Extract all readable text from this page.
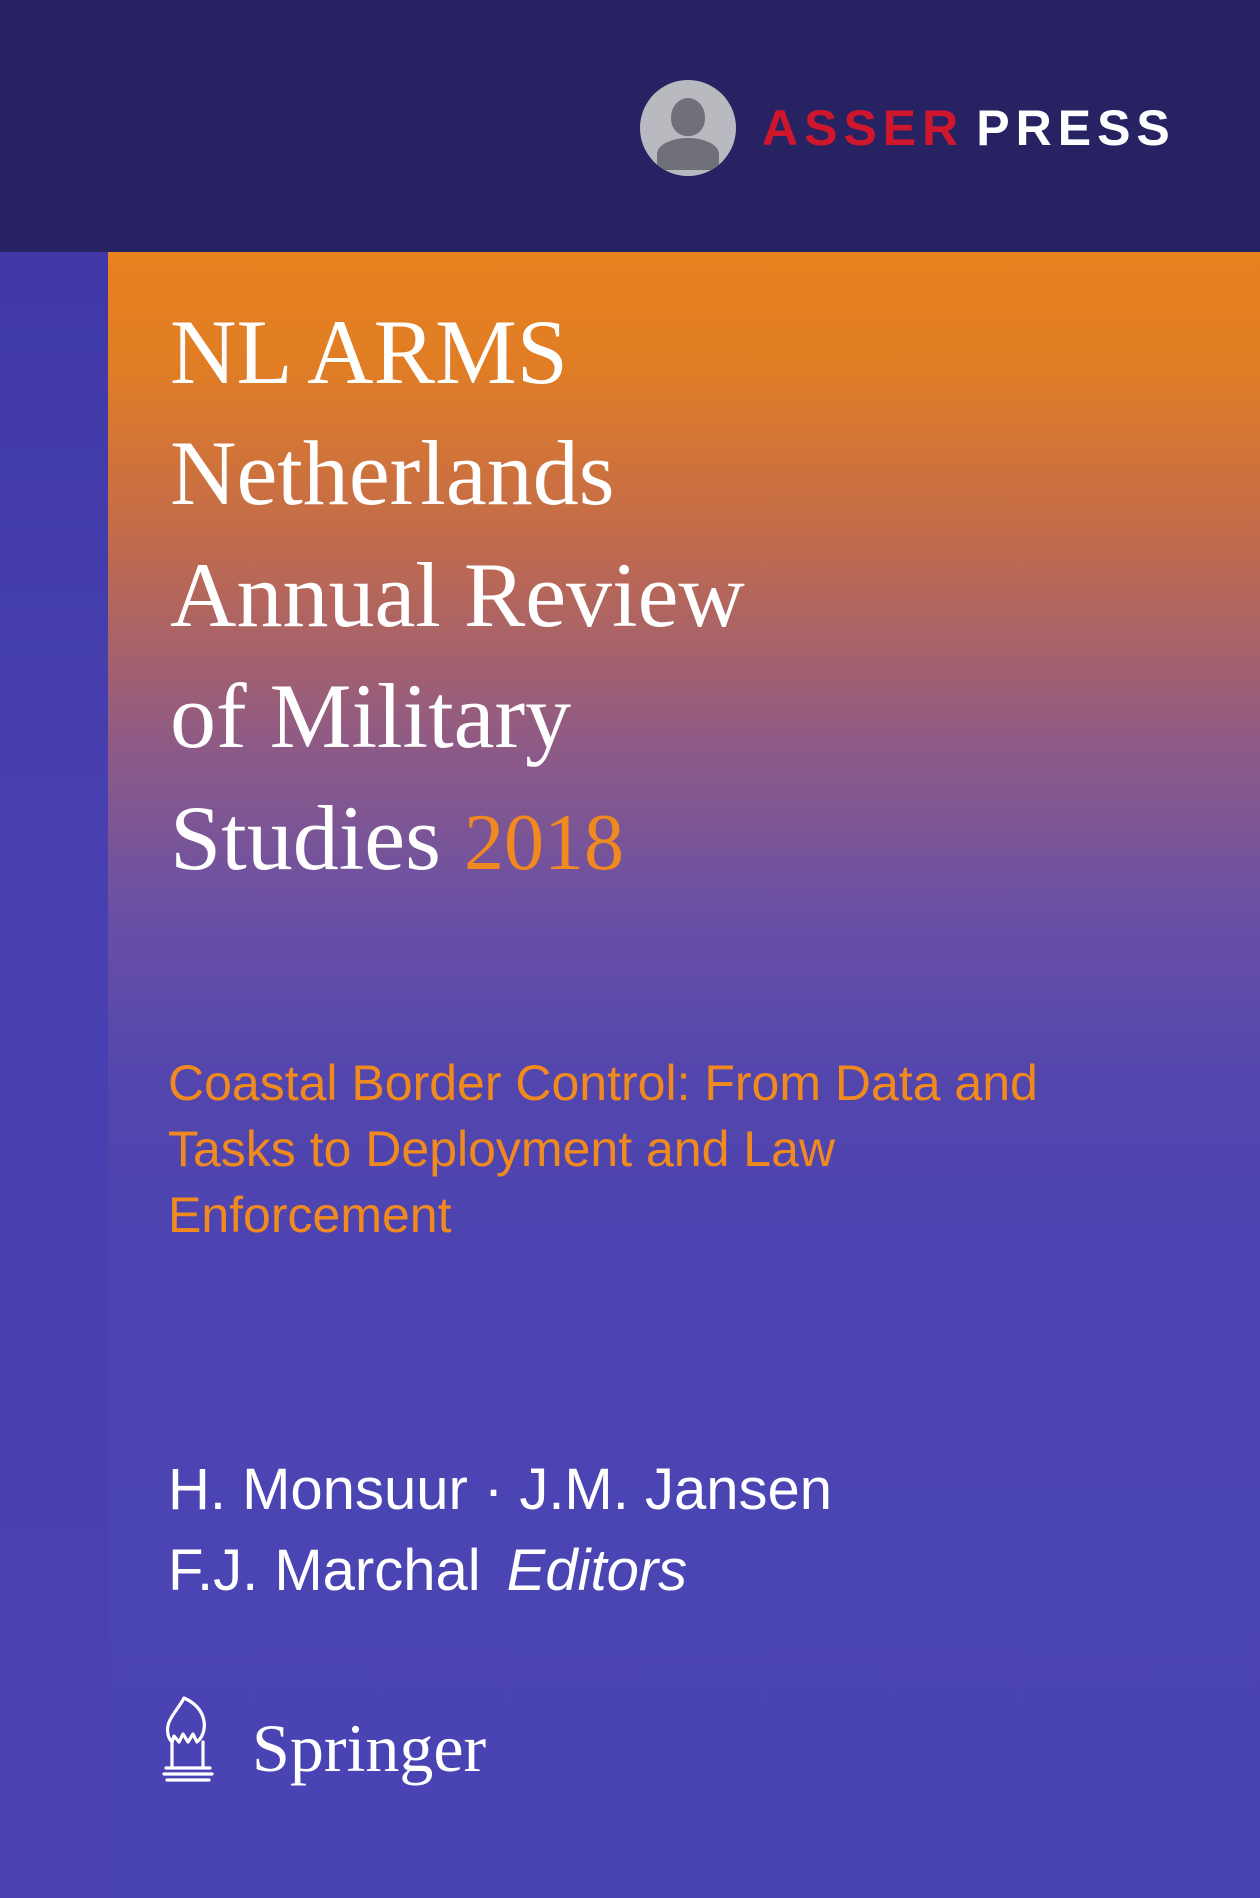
ASSER PRESS
NL ARMS
Netherlands
Annual Review
of Military
Studies 2018
Coastal Border Control: From Data and Tasks to Deployment and Law Enforcement
H. Monsuur · J.M. Jansen
F.J. Marchal Editors
Springer
